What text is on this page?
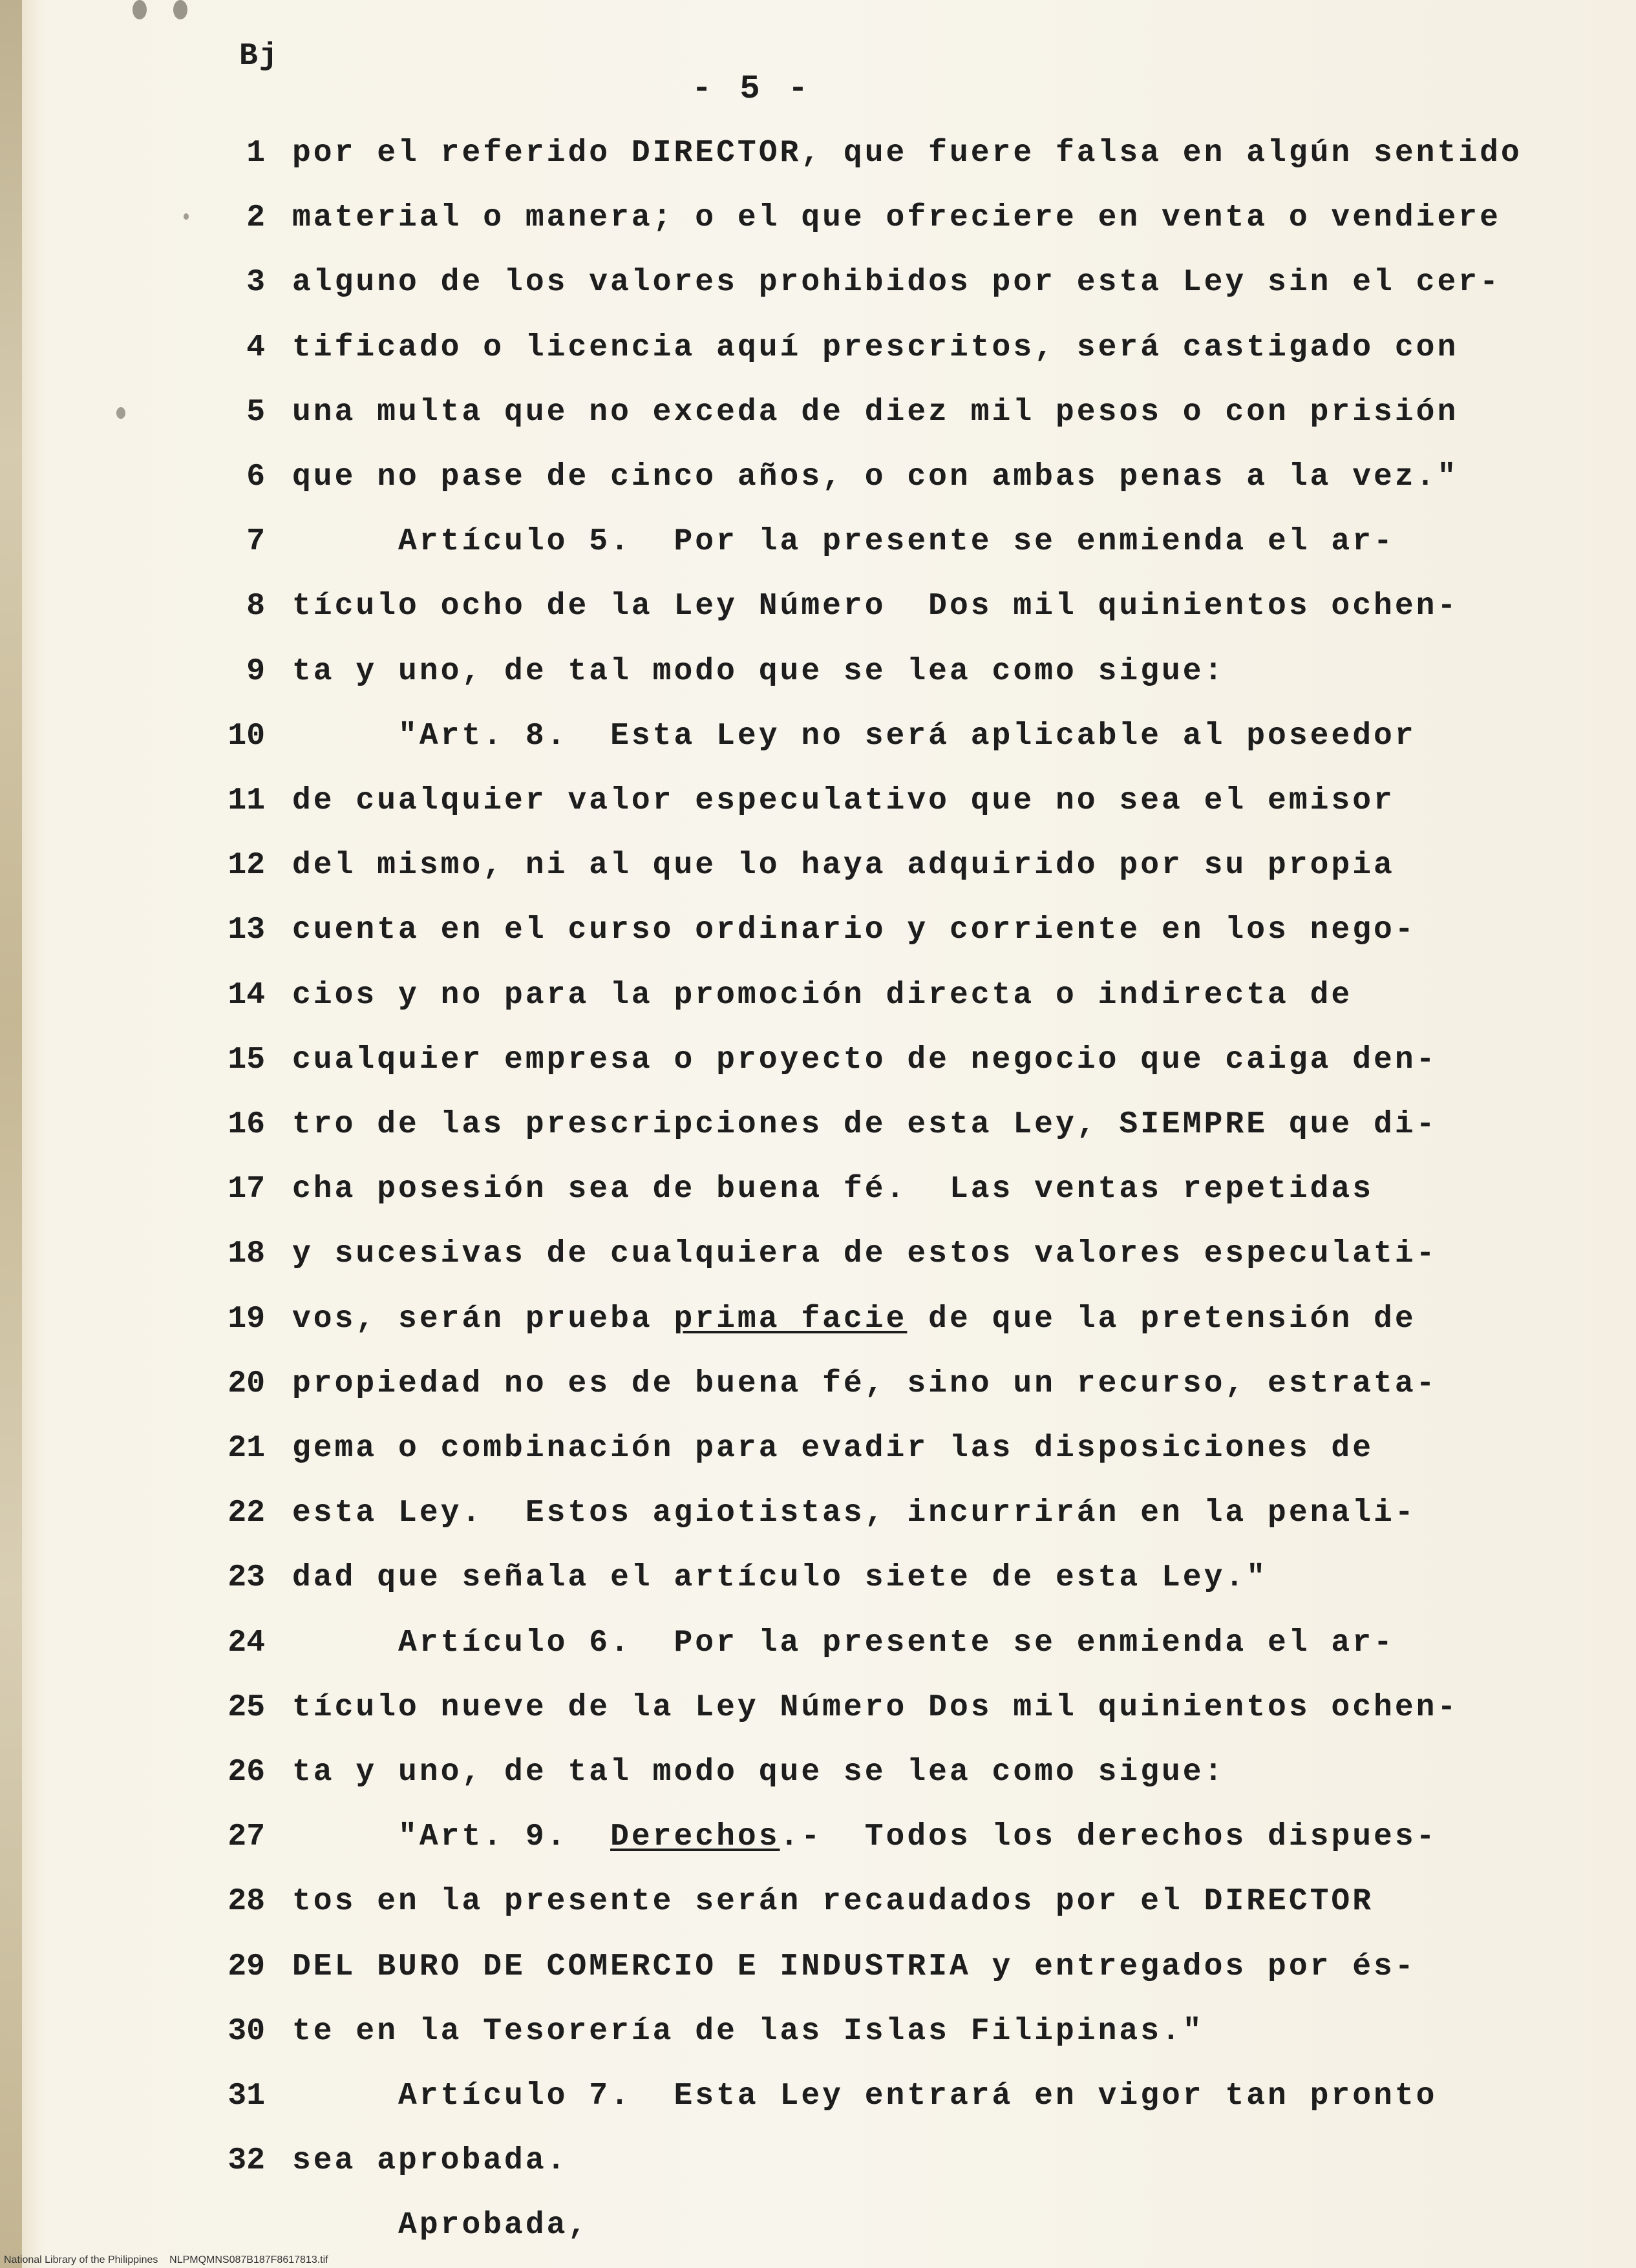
Bj
- 5 -
1 por el referido DIRECTOR, que fuere falsa en algún sentido
2 material o manera; o el que ofreciere en venta o vendiere
3 alguno de los valores prohibidos por esta Ley sin el cer-
4 tificado o licencia aquí prescritos, será castigado con
5 una multa que no exceda de diez mil pesos o con prisión
6 que no pase de cinco años, o con ambas penas a la vez."
7 Artículo 5.  Por la presente se enmienda el ar-
8 tículo ocho de la Ley Número  Dos mil quinientos ochen-
9 ta y uno, de tal modo que se lea como sigue:
10 "Art. 8.  Esta Ley no será aplicable al poseedor
11 de cualquier valor especulativo que no sea el emisor
12 del mismo, ni al que lo haya adquirido por su propia
13 cuenta en el curso ordinario y corriente en los nego-
14 cios y no para la promoción directa o indirecta de
15 cualquier empresa o proyecto de negocio que caiga den-
16 tro de las prescripciones de esta Ley, SIEMPRE que di-
17 cha posesión sea de buena fé.  Las ventas repetidas
18 y sucesivas de cualquiera de estos valores especulati-
19 vos, serán prueba prima facie de que la pretensión de
20 propiedad no es de buena fé, sino un recurso, estrata-
21 gema o combinación para evadir las disposiciones de
22 esta Ley.  Estos agiotistas, incurrirán en la penali-
23 dad que señala el artículo siete de esta Ley."
24 Artículo 6.  Por la presente se enmienda el ar-
25 tículo nueve de la Ley Número Dos mil quinientos ochen-
26 ta y uno, de tal modo que se lea como sigue:
27 "Art. 9.  Derechos.-  Todos los derechos dispues-
28 tos en la presente serán recaudados por el DIRECTOR
29 DEL BURO DE COMERCIO E INDUSTRIA y entregados por és-
30 te en la Tesorería de las Islas Filipinas."
31 Artículo 7.  Esta Ley entrará en vigor tan pronto
32 sea aprobada.
Aprobada,
National Library of the Philippines    NLPMQMNS087B187F8617813.tif
